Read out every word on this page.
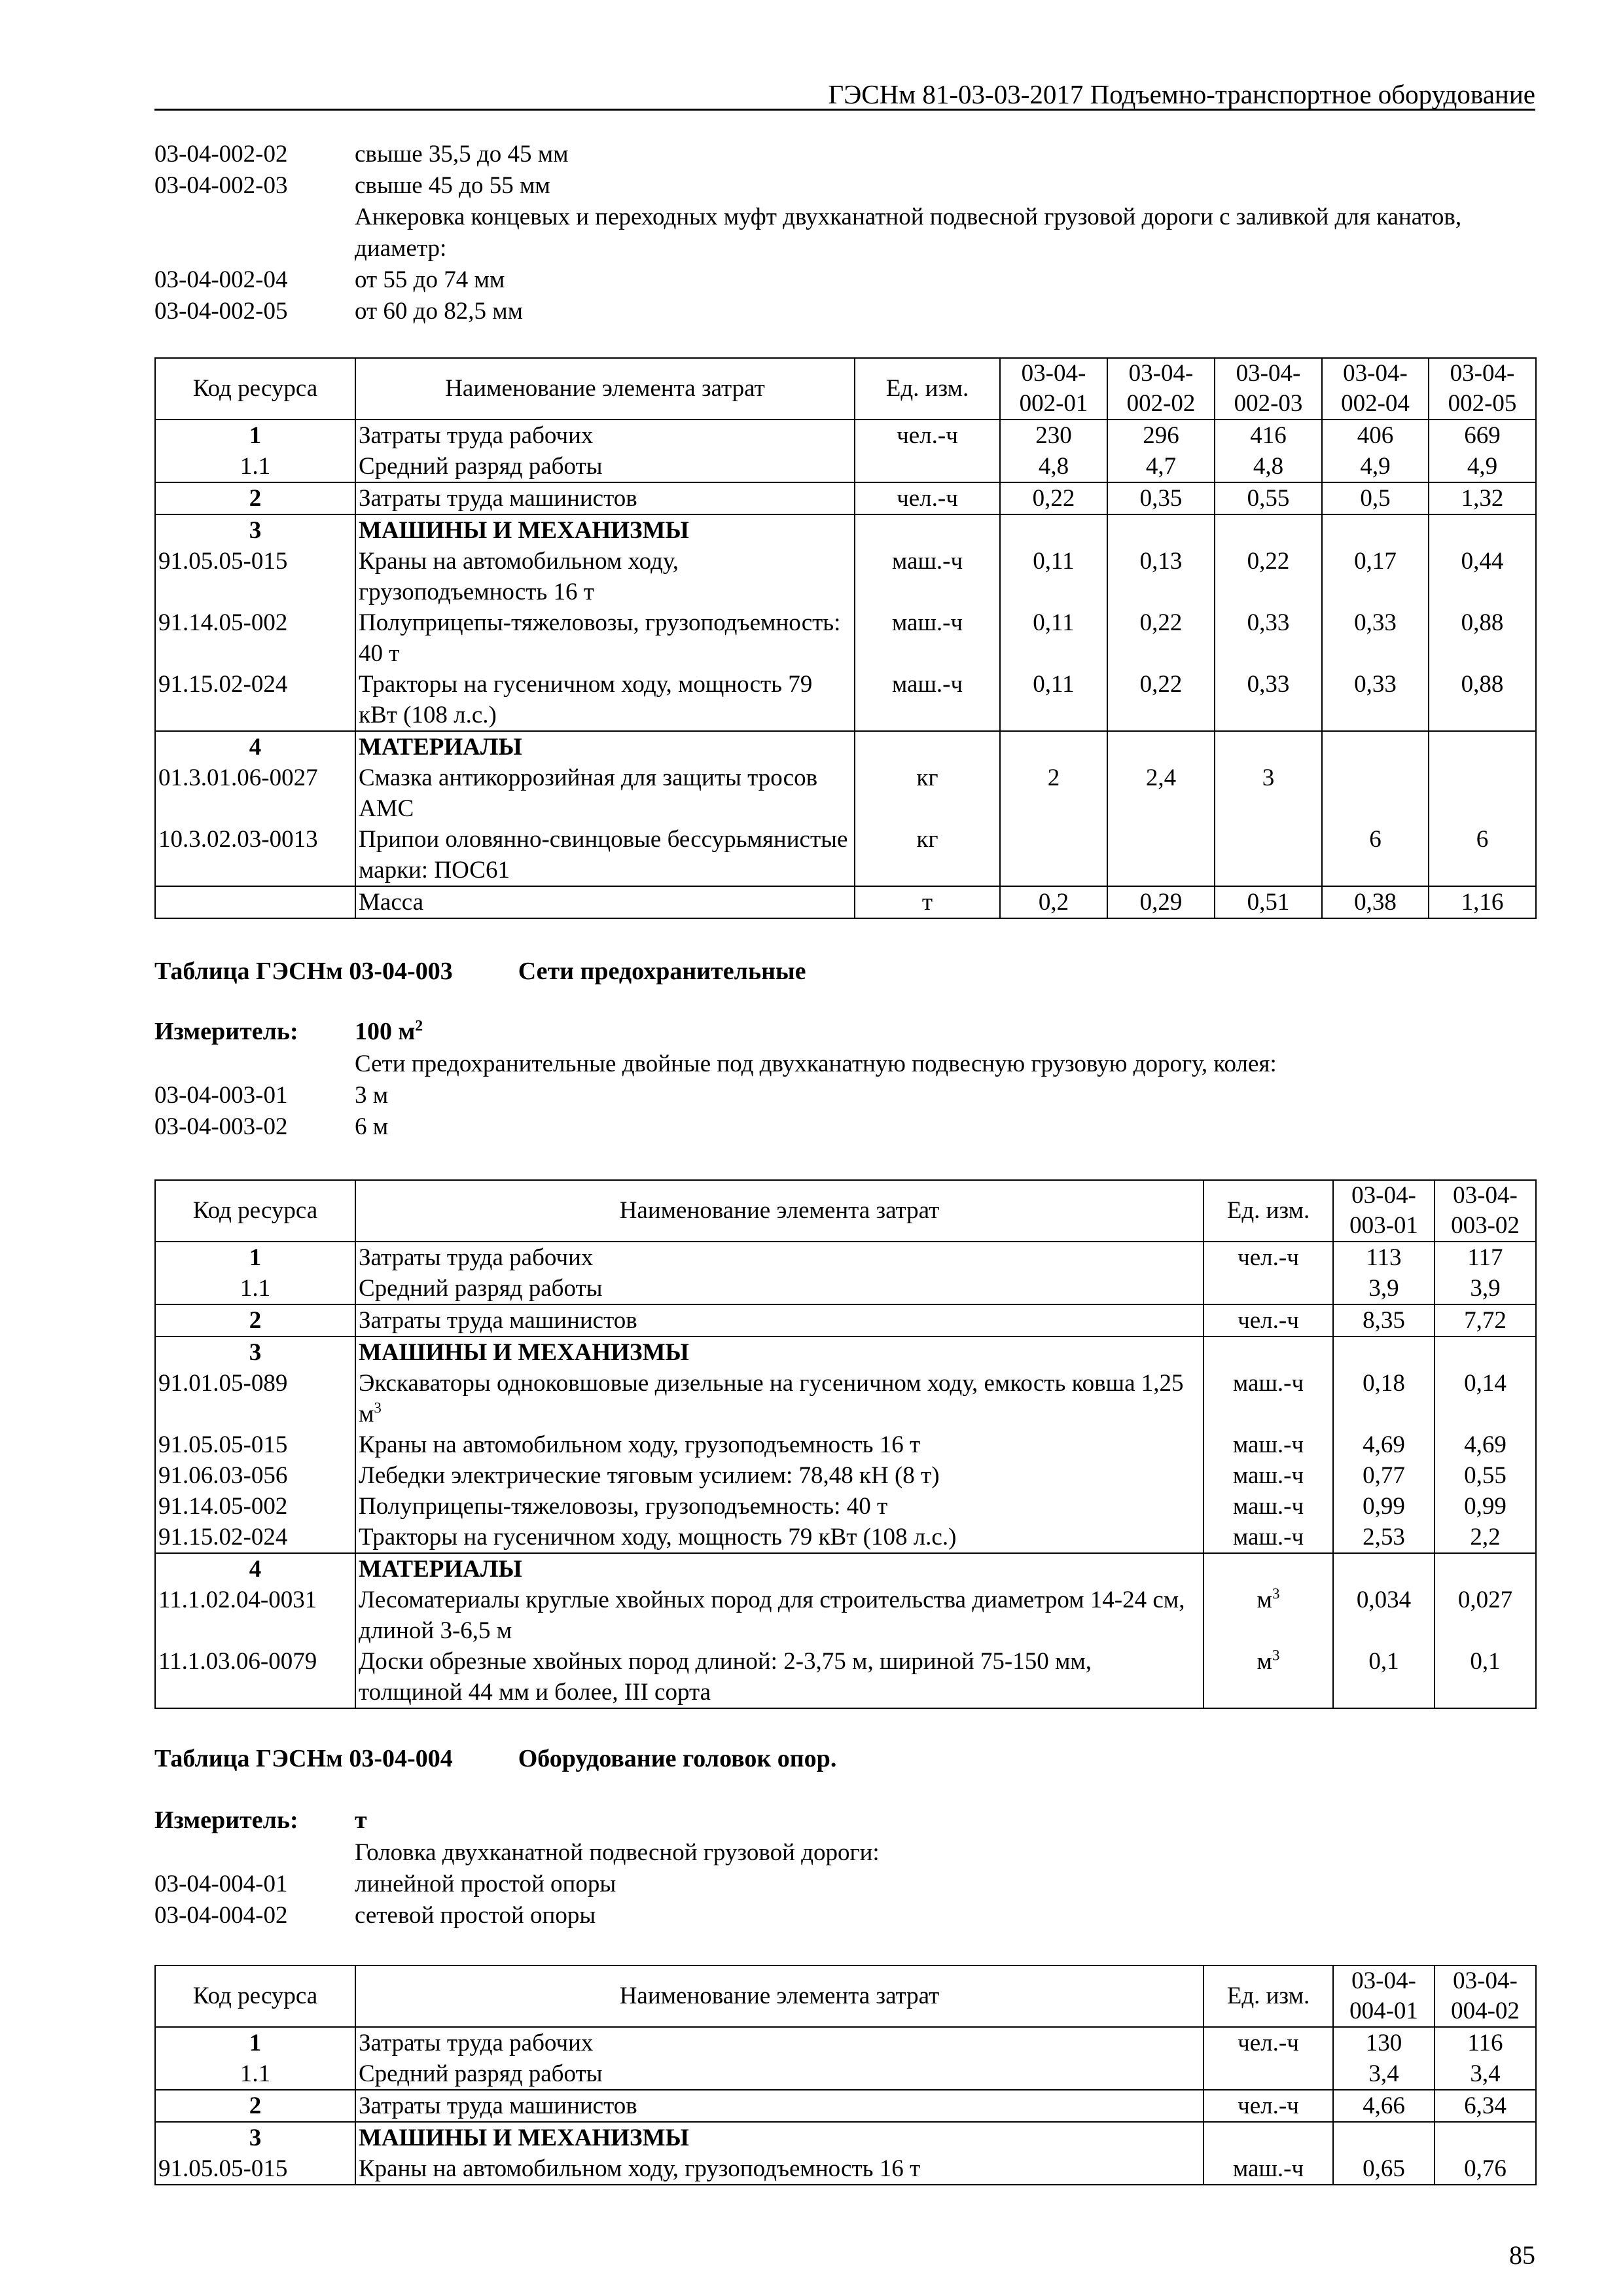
ГЭСНм 81-03-03-2017 Подъемно-транспортное оборудование
03-04-002-02	свыше 35,5 до 45 мм
03-04-002-03	свыше 45 до 55 мм
Анкеровка концевых и переходных муфт двухканатной подвесной грузовой дороги с заливкой для канатов, диаметр:
03-04-002-04	от 55 до 74 мм
03-04-002-05	от 60 до 82,5 мм
Код ресурса	Наименование элемента затрат	Ед. изм.	03-04-002-01	03-04-002-02	03-04-002-03	03-04-002-04	03-04-002-05
1	Затраты труда рабочих	чел.-ч	230	296	416	406	669
1.1	Средний разряд работы		4,8	4,7	4,8	4,9	4,9
2	Затраты труда машинистов	чел.-ч	0,22	0,35	0,55	0,5	1,32
3	МАШИНЫ И МЕХАНИЗМЫ						
91.05.05-015	Краны на автомобильном ходу, грузоподъемность 16 т	маш.-ч	0,11	0,13	0,22	0,17	0,44
91.14.05-002	Полуприцепы-тяжеловозы, грузоподъемность: 40 т	маш.-ч	0,11	0,22	0,33	0,33	0,88
91.15.02-024	Тракторы на гусеничном ходу, мощность 79 кВт (108 л.с.)	маш.-ч	0,11	0,22	0,33	0,33	0,88
4	МАТЕРИАЛЫ						
01.3.01.06-0027	Смазка антикоррозийная для защиты тросов АМС	кг	2	2,4	3		
10.3.02.03-0013	Припои оловянно-свинцовые бессурьмянистые марки: ПОС61	кг				6	6
	Масса	т	0,2	0,29	0,51	0,38	1,16
Таблица ГЭСНм 03-04-003	Сети предохранительные
Измеритель:	100 $м^2$
Сети предохранительные двойные под двухканатную подвесную грузовую дорогу, колея:
03-04-003-01	3 м
03-04-003-02	6 м
Код ресурса	Наименование элемента затрат	Ед. изм.	03-04-003-01	03-04-003-02
1	Затраты труда рабочих	чел.-ч	113	117
1.1	Средний разряд работы		3,9	3,9
2	Затраты труда машинистов	чел.-ч	8,35	7,72
3	МАШИНЫ И МЕХАНИЗМЫ			
91.01.05-089	Экскаваторы одноковшовые дизельные на гусеничном ходу, емкость ковша 1,25 $м^3$	маш.-ч	0,18	0,14
91.05.05-015	Краны на автомобильном ходу, грузоподъемность 16 т	маш.-ч	4,69	4,69
91.06.03-056	Лебедки электрические тяговым усилием: 78,48 кН (8 т)	маш.-ч	0,77	0,55
91.14.05-002	Полуприцепы-тяжеловозы, грузоподъемность: 40 т	маш.-ч	0,99	0,99
91.15.02-024	Тракторы на гусеничном ходу, мощность 79 кВт (108 л.с.)	маш.-ч	2,53	2,2
4	МАТЕРИАЛЫ			
11.1.02.04-0031	Лесоматериалы круглые хвойных пород для строительства диаметром 14-24 см, длиной 3-6,5 м	$м^3$	0,034	0,027
11.1.03.06-0079	Доски обрезные хвойных пород длиной: 2-3,75 м, шириной 75-150 мм, толщиной 44 мм и более, III сорта	$м^3$	0,1	0,1
Таблица ГЭСНм 03-04-004	Оборудование головок опор.
Измеритель:	т
Головка двухканатной подвесной грузовой дороги:
03-04-004-01	линейной простой опоры
03-04-004-02	сетевой простой опоры
Код ресурса	Наименование элемента затрат	Ед. изм.	03-04-004-01	03-04-004-02
1	Затраты труда рабочих	чел.-ч	130	116
1.1	Средний разряд работы		3,4	3,4
2	Затраты труда машинистов	чел.-ч	4,66	6,34
3	МАШИНЫ И МЕХАНИЗМЫ			
91.05.05-015	Краны на автомобильном ходу, грузоподъемность 16 т	маш.-ч	0,65	0,76
85
